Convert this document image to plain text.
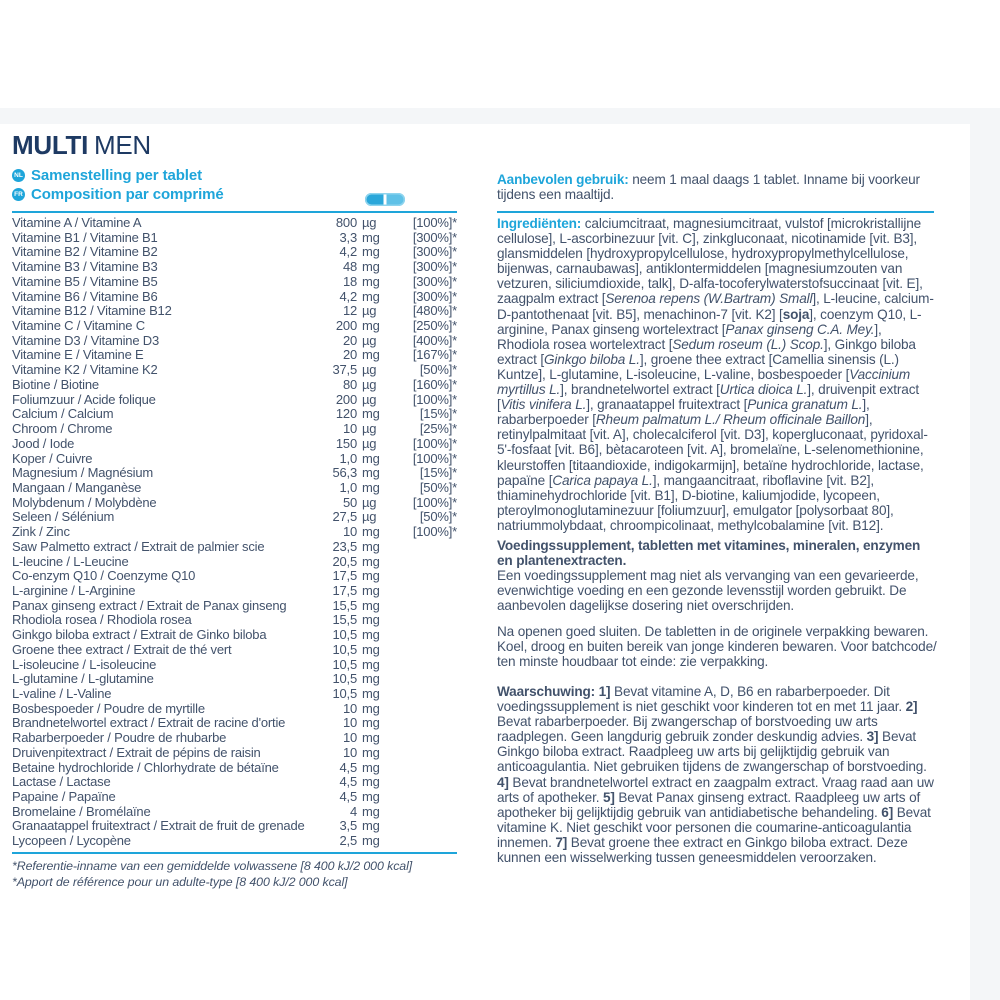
MULTI MEN
NL Samenstelling per tablet
FR Composition par comprimé
Vitamine A / Vitamine A	800 µg	[100%]*
Vitamine B1 / Vitamine B1	3,3 mg	[300%]*
Vitamine B2 / Vitamine B2	4,2 mg	[300%]*
Vitamine B3 / Vitamine B3	48 mg	[300%]*
Vitamine B5 / Vitamine B5	18 mg	[300%]*
Vitamine B6 / Vitamine B6	4,2 mg	[300%]*
Vitamine B12 / Vitamine B12	12 µg	[480%]*
Vitamine C / Vitamine C	200 mg	[250%]*
Vitamine D3 / Vitamine D3	20 µg	[400%]*
Vitamine E / Vitamine E	20 mg	[167%]*
Vitamine K2 / Vitamine K2	37,5 µg	[50%]*
Biotine / Biotine	80 µg	[160%]*
Foliumzuur / Acide folique	200 µg	[100%]*
Calcium / Calcium	120 mg	[15%]*
Chroom / Chrome	10 µg	[25%]*
Jood / Iode	150 µg	[100%]*
Koper / Cuivre	1,0 mg	[100%]*
Magnesium / Magnésium	56,3 mg	[15%]*
Mangaan / Manganèse	1,0 mg	[50%]*
Molybdenum / Molybdène	50 µg	[100%]*
Seleen / Sélénium	27,5 µg	[50%]*
Zink / Zinc	10 mg	[100%]*
Saw Palmetto extract / Extrait de palmier scie	23,5 mg
L-leucine / L-Leucine	20,5 mg
Co-enzym Q10 / Coenzyme Q10	17,5 mg
L-arginine / L-Arginine	17,5 mg
Panax ginseng extract / Extrait de Panax ginseng	15,5 mg
Rhodiola rosea / Rhodiola rosea	15,5 mg
Ginkgo biloba extract / Extrait de Ginko biloba	10,5 mg
Groene thee extract / Extrait de thé vert	10,5 mg
L-isoleucine / L-isoleucine	10,5 mg
L-glutamine / L-glutamine	10,5 mg
L-valine / L-Valine	10,5 mg
Bosbespoeder / Poudre de myrtille	10 mg
Brandnetelwortel extract / Extrait de racine d'ortie	10 mg
Rabarberpoeder / Poudre de rhubarbe	10 mg
Druivenpitextract / Extrait de pépins de raisin	10 mg
Betaine hydrochloride / Chlorhydrate de bétaïne	4,5 mg
Lactase / Lactase	4,5 mg
Papaine / Papaïne	4,5 mg
Bromelaine / Bromélaïne	4 mg
Granaatappel fruitextract / Extrait de fruit de grenade	3,5 mg
Lycopeen / Lycopène	2,5 mg
*Referentie-inname van een gemiddelde volwassene [8 400 kJ/2 000 kcal]
*Apport de référence pour un adulte-type [8 400 kJ/2 000 kcal]
Aanbevolen gebruik: neem 1 maal daags 1 tablet. Inname bij voorkeur tijdens een maaltijd.
Ingrediënten: calciumcitraat, magnesiumcitraat, vulstof [microkristallijne cellulose], L-ascorbinezuur [vit. C], zinkgluconaat, nicotinamide [vit. B3], glansmiddelen [hydroxypropylcellulose, hydroxypropylmethylcellulose, bijenwas, carnaubawas], antiklontermiddelen [magnesiumzouten van vetzuren, siliciumdioxide, talk], D-alfa-tocoferylwaterstofsuccinaat [vit. E], zaagpalm extract [Serenoa repens (W.Bartram) Small], L-leucine, calcium-D-pantothenaat [vit. B5], menachinon-7 [vit. K2] [soja], coenzym Q10, L-arginine, Panax ginseng wortelextract [Panax ginseng C.A. Mey.], Rhodiola rosea wortelextract [Sedum roseum (L.) Scop.], Ginkgo biloba extract [Ginkgo biloba L.], groene thee extract [Camellia sinensis (L.) Kuntze], L-glutamine, L-isoleucine, L-valine, bosbespoeder [Vaccinium myrtillus L.], brandnetelwortel extract [Urtica dioica L.], druivenpit extract [Vitis vinifera L.], granaatappel fruitextract [Punica granatum L.], rabarberpoeder [Rheum palmatum L./ Rheum officinale Baillon], retinylpalmitaat [vit. A], cholecalciferol [vit. D3], kopergluconaat, pyridoxal-5'-fosfaat [vit. B6], bètacaroteen [vit. A], bromelaïne, L-selenomethionine, kleurstoffen [titaandioxide, indigokarmijn], betaïne hydrochloride, lactase, papaïne [Carica papaya L.], mangaancitraat, riboflavine [vit. B2], thiaminehydrochloride [vit. B1], D-biotine, kaliumjodide, lycopeen, pteroylmonoglutaminezuur [foliumzuur], emulgator [polysorbaat 80], natriummolybdaat, chroompicolinaat, methylcobalamine [vit. B12].
Voedingssupplement, tabletten met vitamines, mineralen, enzymen en plantenextracten.
Een voedingssupplement mag niet als vervanging van een gevarieerde, evenwichtige voeding en een gezonde levensstijl worden gebruikt. De aanbevolen dagelijkse dosering niet overschrijden.
Na openen goed sluiten. De tabletten in de originele verpakking bewaren. Koel, droog en buiten bereik van jonge kinderen bewaren. Voor batchcode/ ten minste houdbaar tot einde: zie verpakking.
Waarschuwing: 1] Bevat vitamine A, D, B6 en rabarberpoeder. Dit voedingssupplement is niet geschikt voor kinderen tot en met 11 jaar. 2] Bevat rabarberpoeder. Bij zwangerschap of borstvoeding uw arts raadplegen. Geen langdurig gebruik zonder deskundig advies. 3] Bevat Ginkgo biloba extract. Raadpleeg uw arts bij gelijktijdig gebruik van anticoagulantia. Niet gebruiken tijdens de zwangerschap of borstvoeding. 4] Bevat brandnetelwortel extract en zaagpalm extract. Vraag raad aan uw arts of apotheker. 5] Bevat Panax ginseng extract. Raadpleeg uw arts of apotheker bij gelijktijdig gebruik van antidiabetische behandeling. 6] Bevat vitamine K. Niet geschikt voor personen die coumarine-anticoagulantia innemen. 7] Bevat groene thee extract en Ginkgo biloba extract. Deze kunnen een wisselwerking tussen geneesmiddelen veroorzaken.
